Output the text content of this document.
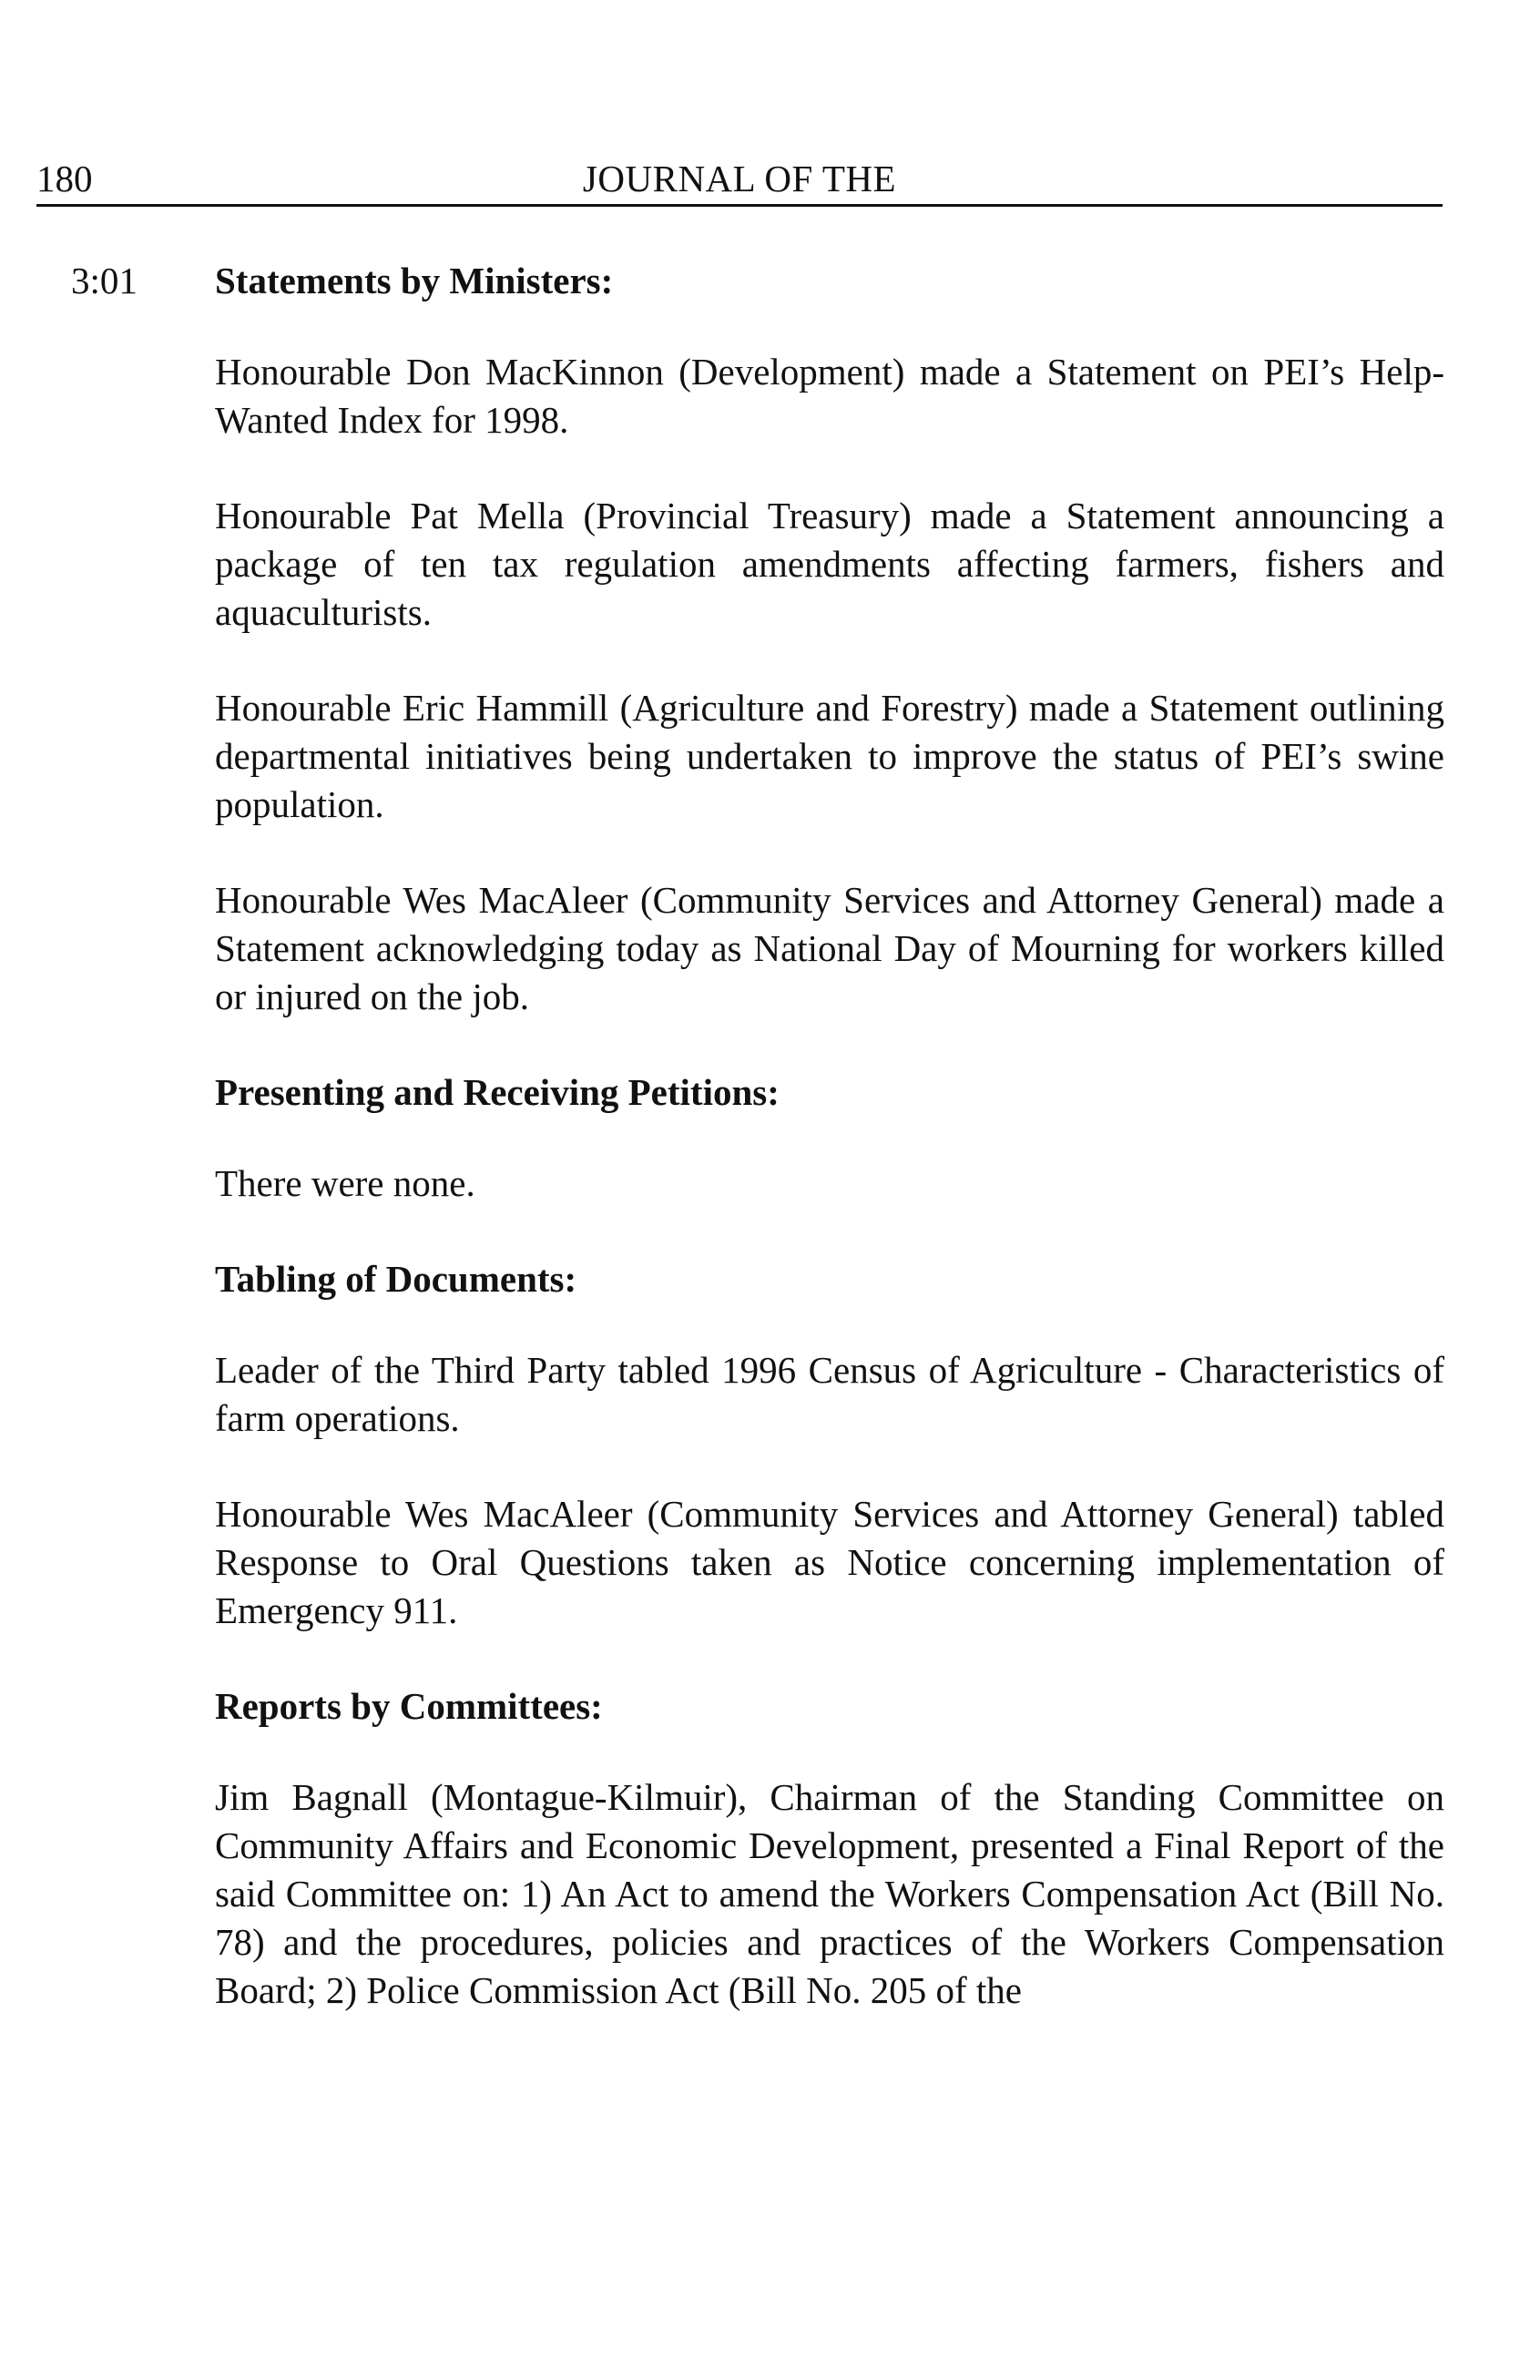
180	JOURNAL OF THE
3:01 Statements by Ministers:

Honourable Don MacKinnon (Development) made a Statement on PEI’s Help-Wanted Index for 1998.

Honourable Pat Mella (Provincial Treasury) made a Statement announcing a package of ten tax regulation amendments affecting farmers, fishers and aquaculturists.

Honourable Eric Hammill (Agriculture and Forestry) made a Statement outlining departmental initiatives being undertaken to improve the status of PEI’s swine population.

Honourable Wes MacAleer (Community Services and Attorney General) made a Statement acknowledging today as National Day of Mourning for workers killed or injured on the job.

Presenting and Receiving Petitions:

There were none.

Tabling of Documents:

Leader of the Third Party tabled 1996 Census of Agriculture - Characteristics of farm operations.

Honourable Wes MacAleer (Community Services and Attorney General) tabled Response to Oral Questions taken as Notice concerning implementation of Emergency 911.

Reports by Committees:

Jim Bagnall (Montague-Kilmuir), Chairman of the Standing Committee on Community Affairs and Economic Development, presented a Final Report of the said Committee on: 1) An Act to amend the Workers Compensation Act (Bill No. 78) and the procedures, policies and practices of the Workers Compensation Board; 2) Police Commission Act (Bill No. 205 of the
